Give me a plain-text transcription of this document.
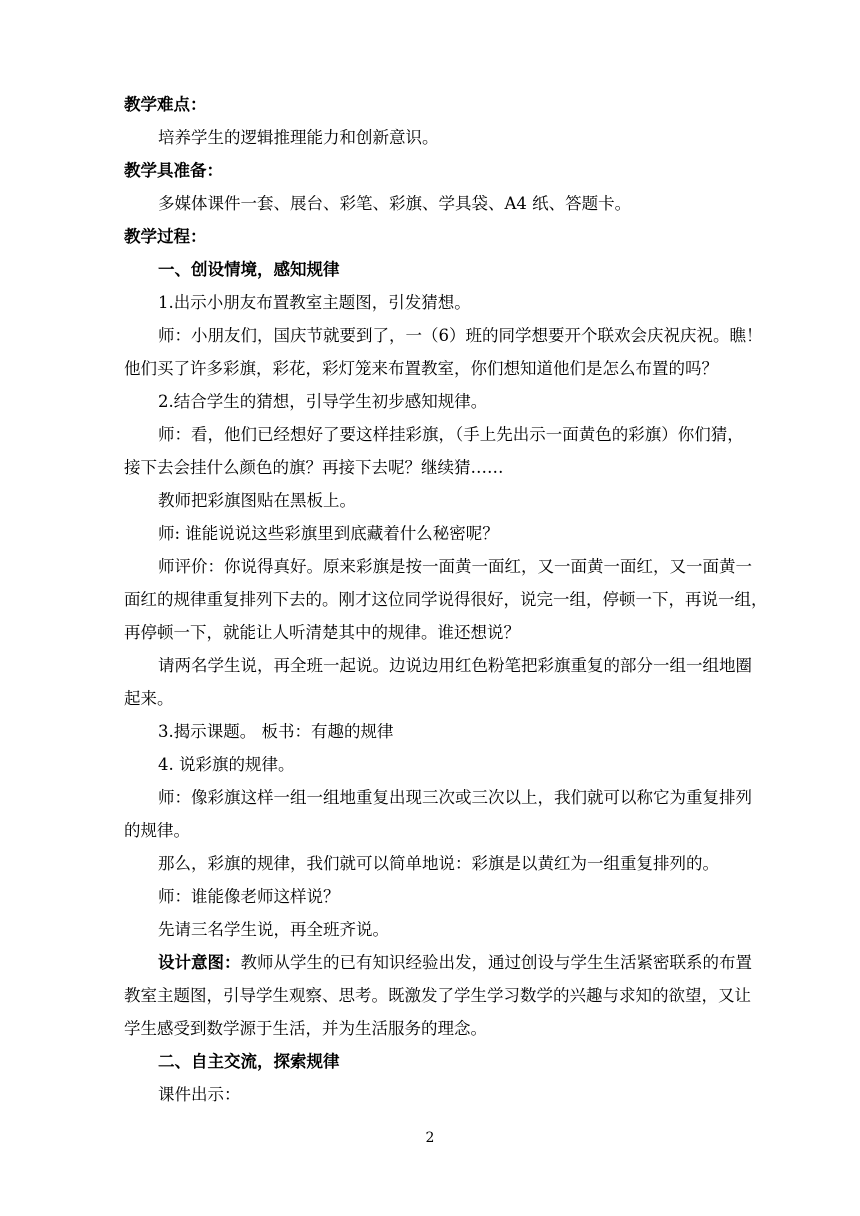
教学难点：
培养学生的逻辑推理能力和创新意识。
教学具准备：
多媒体课件一套、展台、彩笔、彩旗、学具袋、A4 纸、答题卡。
教学过程：
一、创设情境，感知规律
1.出示小朋友布置教室主题图，引发猜想。
师：小朋友们，国庆节就要到了，一（6）班的同学想要开个联欢会庆祝庆祝。瞧！
他们买了许多彩旗，彩花，彩灯笼来布置教室，你们想知道他们是怎么布置的吗？
2.结合学生的猜想，引导学生初步感知规律。
师：看，他们已经想好了要这样挂彩旗，（手上先出示一面黄色的彩旗）你们猜，
接下去会挂什么颜色的旗？再接下去呢？继续猜……
教师把彩旗图贴在黑板上。
师: 谁能说说这些彩旗里到底藏着什么秘密呢？
师评价：你说得真好。原来彩旗是按一面黄一面红，又一面黄一面红，又一面黄一
面红的规律重复排列下去的。刚才这位同学说得很好，说完一组，停顿一下，再说一组，
再停顿一下，就能让人听清楚其中的规律。谁还想说？
请两名学生说，再全班一起说。边说边用红色粉笔把彩旗重复的部分一组一组地圈
起来。
3.揭示课题。 板书：有趣的规律
4. 说彩旗的规律。
师：像彩旗这样一组一组地重复出现三次或三次以上，我们就可以称它为重复排列
的规律。
那么，彩旗的规律，我们就可以简单地说：彩旗是以黄红为一组重复排列的。
师：谁能像老师这样说？
先请三名学生说，再全班齐说。
设计意图：教师从学生的已有知识经验出发，通过创设与学生生活紧密联系的布置
教室主题图，引导学生观察、思考。既激发了学生学习数学的兴趣与求知的欲望，又让
学生感受到数学源于生活，并为生活服务的理念。
二、自主交流，探索规律
课件出示：
2
